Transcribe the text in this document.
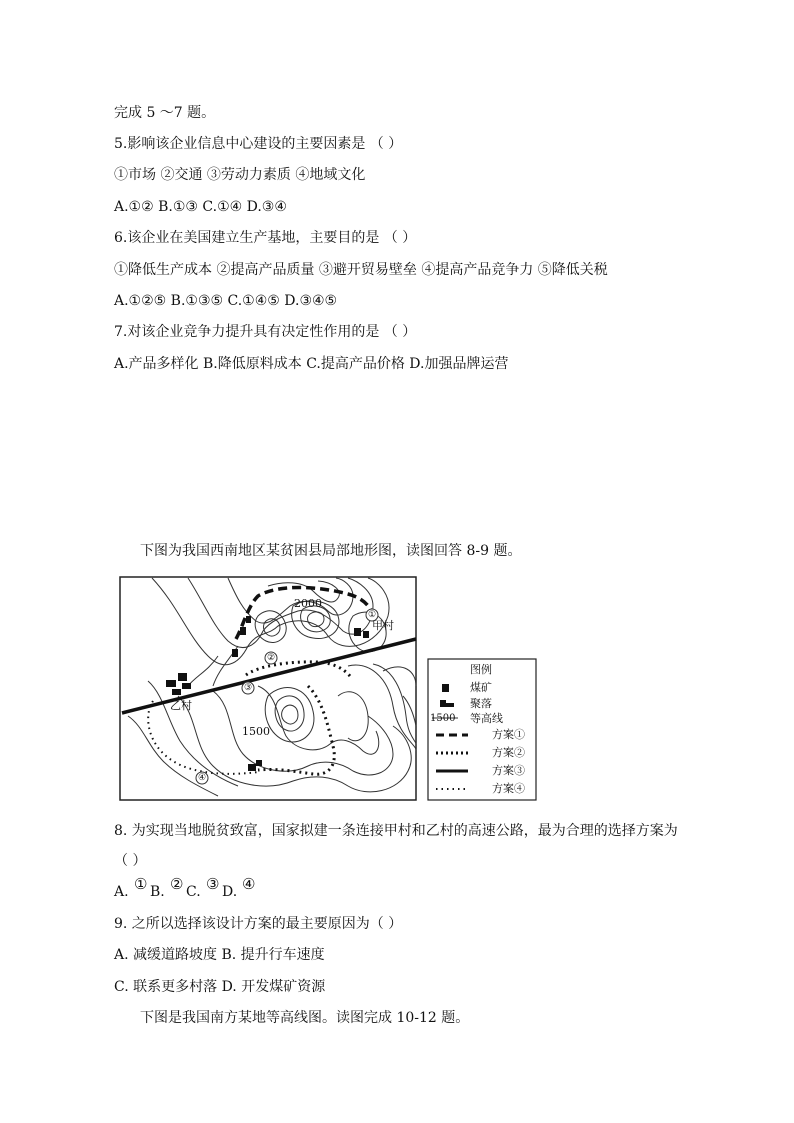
完成 5 ～7 题。
5.影响该企业信息中心建设的主要因素是 （ ）
①市场 ②交通 ③劳动力素质 ④地域文化
A.①② B.①③ C.①④ D.③④
6.该企业在美国建立生产基地，主要目的是 （ ）
①降低生产成本 ②提高产品质量 ③避开贸易壁垒 ④提高产品竞争力 ⑤降低关税
A.①②⑤ B.①③⑤ C.①④⑤ D.③④⑤
7.对该企业竞争力提升具有决定性作用的是 （ ）
A.产品多样化 B.降低原料成本 C.提高产品价格 D.加强品牌运营
下图为我国西南地区某贫困县局部地形图，读图回答 8-9 题。
2000
1500
甲村
乙村
①
②
③
④
图例
煤矿
聚落
1500 等高线
方案①
方案②
方案③
方案④
8. 为实现当地脱贫致富，国家拟建一条连接甲村和乙村的高速公路，最为合理的选择方案为
（ ）
A. ① B. ② C. ③ D. ④
9. 之所以选择该设计方案的最主要原因为（ ）
A. 减缓道路坡度 B. 提升行车速度
C. 联系更多村落 D. 开发煤矿资源
下图是我国南方某地等高线图。读图完成 10-12 题。
